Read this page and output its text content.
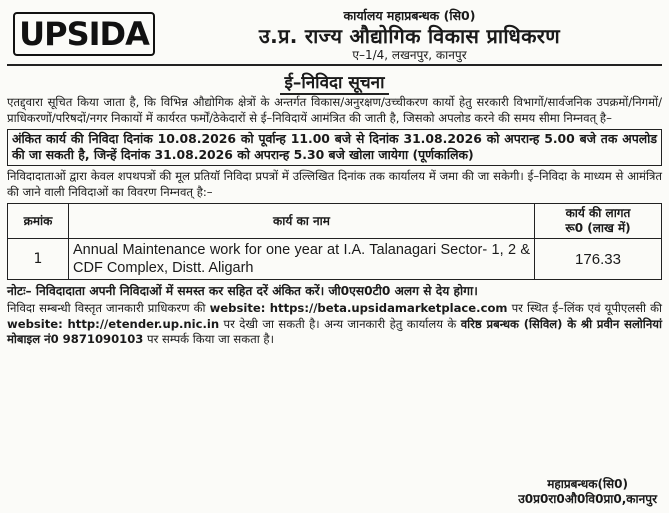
UPSIDA	कार्यालय महाप्रबन्धक (सि0)
उ.प्र. राज्य औद्योगिक विकास प्राधिकरण
ए–1/4, लखनपुर, कानपुर
ई–निविदा सूचना

एतद्द्वारा सूचित किया जाता है, कि विभिन्न औद्योगिक क्षेत्रों के अन्तर्गत विकास/अनुरक्षण/उच्चीकरण कार्यो हेतु सरकारी विभागों/सार्वजनिक उपक्रमों/निगमों/प्राधिकरणों/परिषदों/नगर निकायों में कार्यरत फर्मों/ठेकेदारों से ई–निविदायें आमंत्रित की जाती है, जिसको अपलोड करने की समय सीमा निम्नवत् है–

अंकित कार्य की निविदा दिनांक 10.08.2026 को पूर्वान्ह 11.00 बजे से दिनांक 31.08.2026 को अपरान्ह 5.00 बजे तक अपलोड की जा सकती है, जिन्हें दिनांक 31.08.2026 को अपरान्ह 5.30 बजे खोला जायेगा (पूर्णकालिक)

निविदादाताओं द्वारा केवल शपथपत्रों की मूल प्रतियॉ निविदा प्रपत्रों में उल्लिखित दिनांक तक कार्यालय में जमा की जा सकेगी। ई–निविदा के माध्यम से आमंत्रित की जाने वाली निविदाओं का विवरण निम्नवत् है:–

क्रमांक	कार्य का नाम	कार्य की लागत
रू0 (लाख में)

1	Annual Maintenance work for one year at I.A. Talanagari Sector- 1, 2 & CDF Complex, Distt. Aligarh	176.33

नोटः– निविदादाता अपनी निविदाओं में समस्त कर सहित दरें अंकित करें। जी0एस0टी0 अलग से देय होगा।

निविदा सम्बन्धी विस्तृत जानकारी प्राधिकरण की website: https://beta.upsidamarketplace.com पर स्थित ई–लिंक एवं यूपीएलसी की website: http://etender.up.nic.in पर देखी जा सकती है। अन्य जानकारी हेतु कार्यालय के वरिष्ठ प्रबन्धक (सिविल) के श्री प्रवीन सलोनियां मोबाइल नं0 9871090103 पर सम्पर्क किया जा सकता है।

महाप्रबन्धक(सि0)
उ0प्र0रा0औ0वि0प्रा0,कानपुर
